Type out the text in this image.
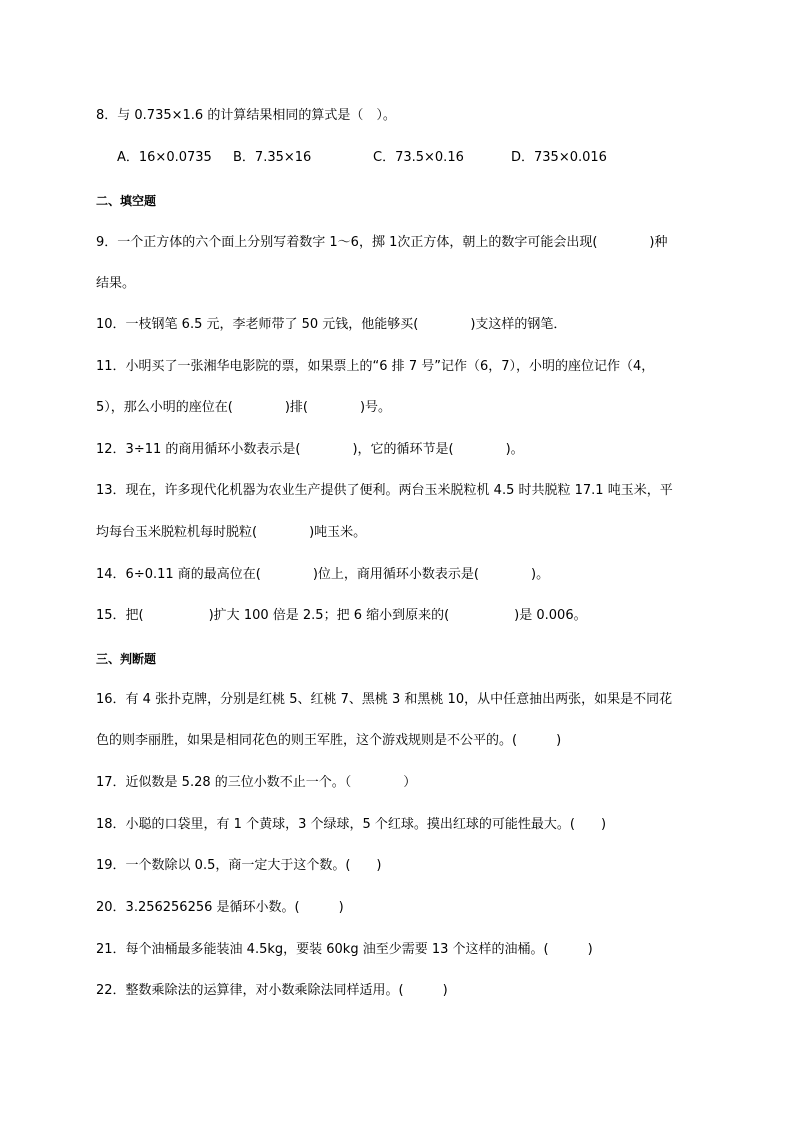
8．与 0.735×1.6 的计算结果相同的算式是（　）。
A．16×0.0735 B．7.35×16	C．73.5×0.16	D．735×0.016
二、填空题
9．一个正方体的六个面上分别写着数字 1～6，掷 1次正方体，朝上的数字可能会出现(　　　　)种
结果。
10．一枝钢笔 6.5 元，李老师带了 50 元钱，他能够买(　　　　)支这样的钢笔．
11．小明买了一张湘华电影院的票，如果票上的“6 排 7 号”记作（6，7），小明的座位记作（4，
5），那么小明的座位在(　　　　)排(　　　　)号。
12．3÷11 的商用循环小数表示是(　　　　)，它的循环节是(　　　　)。
13．现在，许多现代化机器为农业生产提供了便利。两台玉米脱粒机 4.5 时共脱粒 17.1 吨玉米，平
均每台玉米脱粒机每时脱粒(　　　　)吨玉米。
14．6÷0.11 商的最高位在(　　　　)位上，商用循环小数表示是(　　　　)。
15．把(　　　　　)扩大 100 倍是 2.5；把 6 缩小到原来的(　　　　　)是 0.006。
三、判断题
16．有 4 张扑克牌，分别是红桃 5、红桃 7、黑桃 3 和黑桃 10，从中任意抽出两张，如果是不同花
色的则李丽胜，如果是相同花色的则王军胜，这个游戏规则是不公平的。(　　　)
17．近似数是 5.28 的三位小数不止一个。（　　　　）
18．小聪的口袋里，有 1 个黄球，3 个绿球，5 个红球。摸出红球的可能性最大。(　　)
19．一个数除以 0.5，商一定大于这个数。(　　)
20．3.256256256 是循环小数。(　　　)
21．每个油桶最多能装油 4.5kg，要装 60kg 油至少需要 13 个这样的油桶。(　　　)
22．整数乘除法的运算律，对小数乘除法同样适用。(　　　)
